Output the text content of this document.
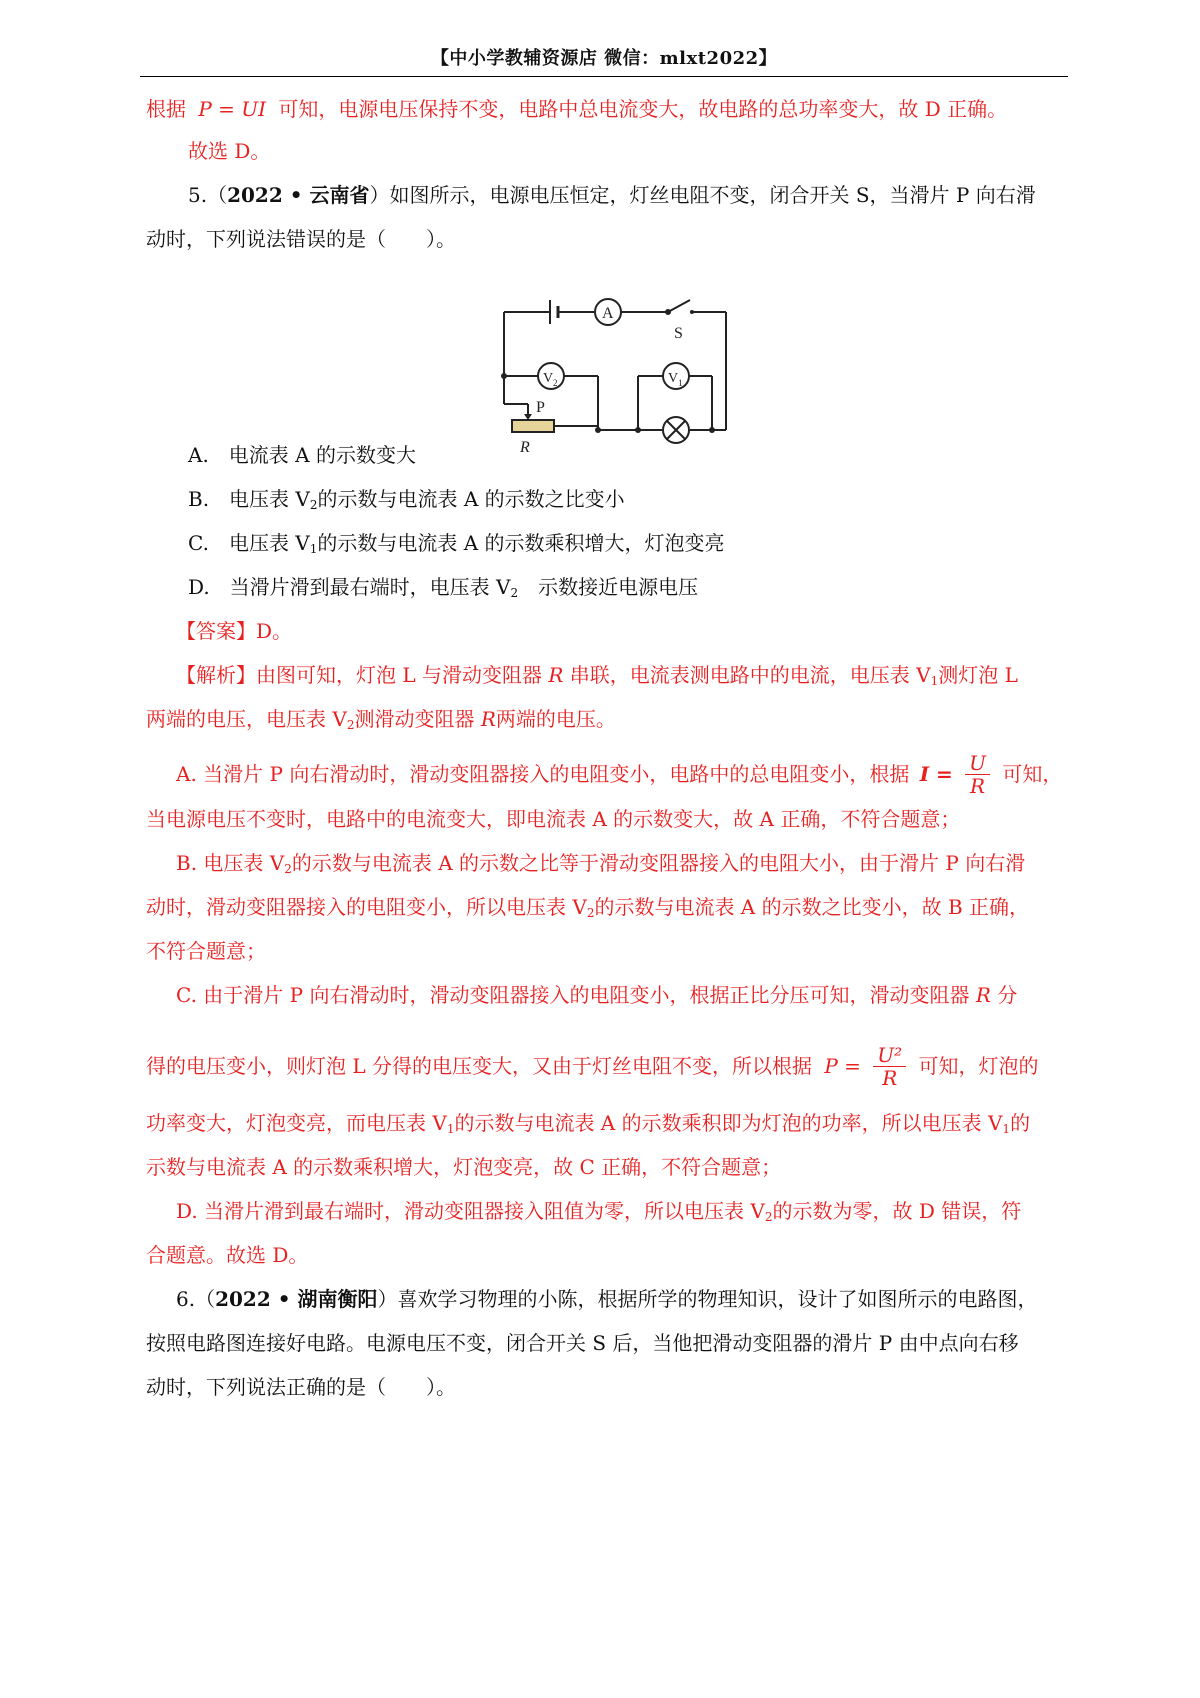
【中小学教辅资源店 微信：mlxt2022】
根据 P = UI 可知，电源电压保持不变，电路中总电流变大，故电路的总功率变大，故 D 正确。
故选 D。
5.（2022 • 云南省）如图所示，电源电压恒定，灯丝电阻不变，闭合开关 S，当滑片 P 向右滑
动时，下列说法错误的是（　　）。
A
S
V 2	V 1
P
R
A.　电流表 A 的示数变大
B.　电压表 $V_2$的示数与电流表 A 的示数之比变小
C.　电压表 $V_1$的示数与电流表 A 的示数乘积增大，灯泡变亮
D.　当滑片滑到最右端时，电压表 $V_2$　示数接近电源电压
【答案】D。
【解析】由图可知，灯泡 L 与滑动变阻器 R 串联，电流表测电路中的电流，电压表 $V_1$测灯泡 L
两端的电压，电压表 $V_2$测滑动变阻器 R两端的电压。
A. 当滑片 P 向右滑动时，滑动变阻器接入的电阻变小，电路中的总电阻变小，根据 $I = \frac{U}{R}$ 可知，
当电源电压不变时，电路中的电流变大，即电流表 A 的示数变大，故 A 正确，不符合题意；
B. 电压表 $V_2$的示数与电流表 A 的示数之比等于滑动变阻器接入的电阻大小，由于滑片 P 向右滑
动时，滑动变阻器接入的电阻变小，所以电压表 $V_2$的示数与电流表 A 的示数之比变小，故 B 正确，
不符合题意；
C. 由于滑片 P 向右滑动时，滑动变阻器接入的电阻变小，根据正比分压可知，滑动变阻器 R 分
得的电压变小，则灯泡 L 分得的电压变大，又由于灯丝电阻不变，所以根据 $P = \frac{\text{U²}}{R}$ 可知，灯泡的
功率变大，灯泡变亮，而电压表 $V_1$的示数与电流表 A 的示数乘积即为灯泡的功率，所以电压表 $V_1$的
示数与电流表 A 的示数乘积增大，灯泡变亮，故 C 正确，不符合题意；
D. 当滑片滑到最右端时，滑动变阻器接入阻值为零，所以电压表 $V_2$的示数为零，故 D 错误，符
合题意。故选 D。
6.（2022 • 湖南衡阳）喜欢学习物理的小陈，根据所学的物理知识，设计了如图所示的电路图，
按照电路图连接好电路。电源电压不变，闭合开关 S 后，当他把滑动变阻器的滑片 P 由中点向右移
动时，下列说法正确的是（　　）。
